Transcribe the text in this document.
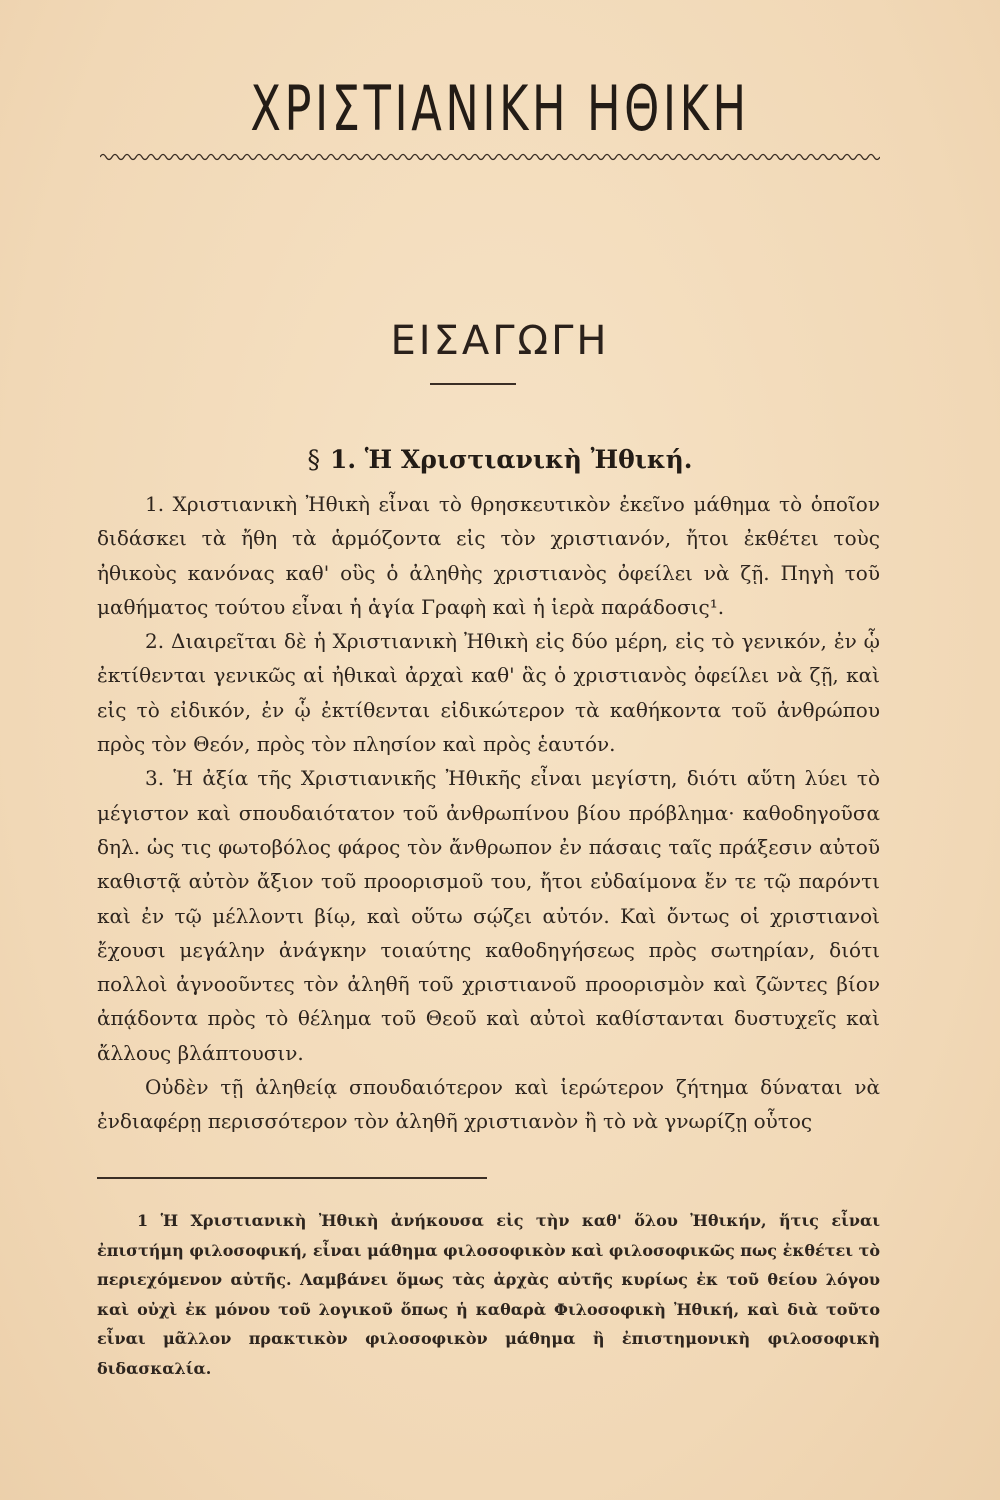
ΧΡΙΣΤΙΑΝΙΚΗ ΗΘΙΚΗ
ΕΙΣΑΓΩΓΗ
§ 1. Ἡ Χριστιανικὴ Ἠθική.

1. Χριστιανικὴ Ἠθικὴ εἶναι τὸ θρησκευτικὸν ἐκεῖνο μάθημα τὸ ὁποῖον διδάσκει τὰ ἤθη τὰ ἁρμόζοντα εἰς τὸν χριστιανόν, ἤτοι ἐκθέτει τοὺς ἠθικοὺς κανόνας καθ' οὓς ὁ ἀληθὴς χριστιανὸς ὀφείλει νὰ ζῇ. Πηγὴ τοῦ μαθήματος τούτου εἶναι ἡ ἁγία Γραφὴ καὶ ἡ ἱερὰ παράδοσις¹.

2. Διαιρεῖται δὲ ἡ Χριστιανικὴ Ἠθικὴ εἰς δύο μέρη, εἰς τὸ γενικόν, ἐν ᾧ ἐκτίθενται γενικῶς αἱ ἠθικαὶ ἀρχαὶ καθ' ἃς ὁ χριστιανὸς ὀφείλει νὰ ζῇ, καὶ εἰς τὸ εἰδικόν, ἐν ᾧ ἐκτίθενται εἰδικώτερον τὰ καθήκοντα τοῦ ἀνθρώπου πρὸς τὸν Θεόν, πρὸς τὸν πλησίον καὶ πρὸς ἑαυτόν.

3. Ἡ ἀξία τῆς Χριστιανικῆς Ἠθικῆς εἶναι μεγίστη, διότι αὕτη λύει τὸ μέγιστον καὶ σπουδαιότατον τοῦ ἀνθρωπίνου βίου πρόβλημα· καθοδηγοῦσα δηλ. ὡς τις φωτοβόλος φάρος τὸν ἄνθρωπον ἐν πάσαις ταῖς πράξεσιν αὐτοῦ καθιστᾷ αὐτὸν ἄξιον τοῦ προορισμοῦ του, ἤτοι εὐδαίμονα ἔν τε τῷ παρόντι καὶ ἐν τῷ μέλλοντι βίῳ, καὶ οὕτω σῴζει αὐτόν. Καὶ ὄντως οἱ χριστιανοὶ ἔχουσι μεγάλην ἀνάγκην τοιαύτης καθοδηγήσεως πρὸς σωτηρίαν, διότι πολλοὶ ἀγνοοῦντες τὸν ἀληθῆ τοῦ χριστιανοῦ προορισμὸν καὶ ζῶντες βίον ἀπᾴδοντα πρὸς τὸ θέλημα τοῦ Θεοῦ καὶ αὐτοὶ καθίστανται δυστυχεῖς καὶ ἄλλους βλάπτουσιν.

Οὐδὲν τῇ ἀληθείᾳ σπουδαιότερον καὶ ἱερώτερον ζήτημα δύναται νὰ ἐνδιαφέρῃ περισσότερον τὸν ἀληθῆ χριστιανὸν ἢ τὸ νὰ γνωρίζῃ οὗτος

1 Ἡ Χριστιανικὴ Ἠθικὴ ἀνήκουσα εἰς τὴν καθ' ὅλου Ἠθικήν, ἥτις εἶναι ἐπιστήμη φιλοσοφική, εἶναι μάθημα φιλοσοφικὸν καὶ φιλοσοφικῶς πως ἐκθέτει τὸ περιεχόμενον αὐτῆς. Λαμβάνει ὅμως τὰς ἀρχὰς αὐτῆς κυρίως ἐκ τοῦ θείου λόγου καὶ οὐχὶ ἐκ μόνου τοῦ λογικοῦ ὅπως ἡ καθαρὰ Φιλοσοφικὴ Ἠθική, καὶ διὰ τοῦτο εἶναι μᾶλλον πρακτικὸν φιλοσοφικὸν μάθημα ἢ ἐπιστημονικὴ φιλοσοφικὴ διδασκαλία.
